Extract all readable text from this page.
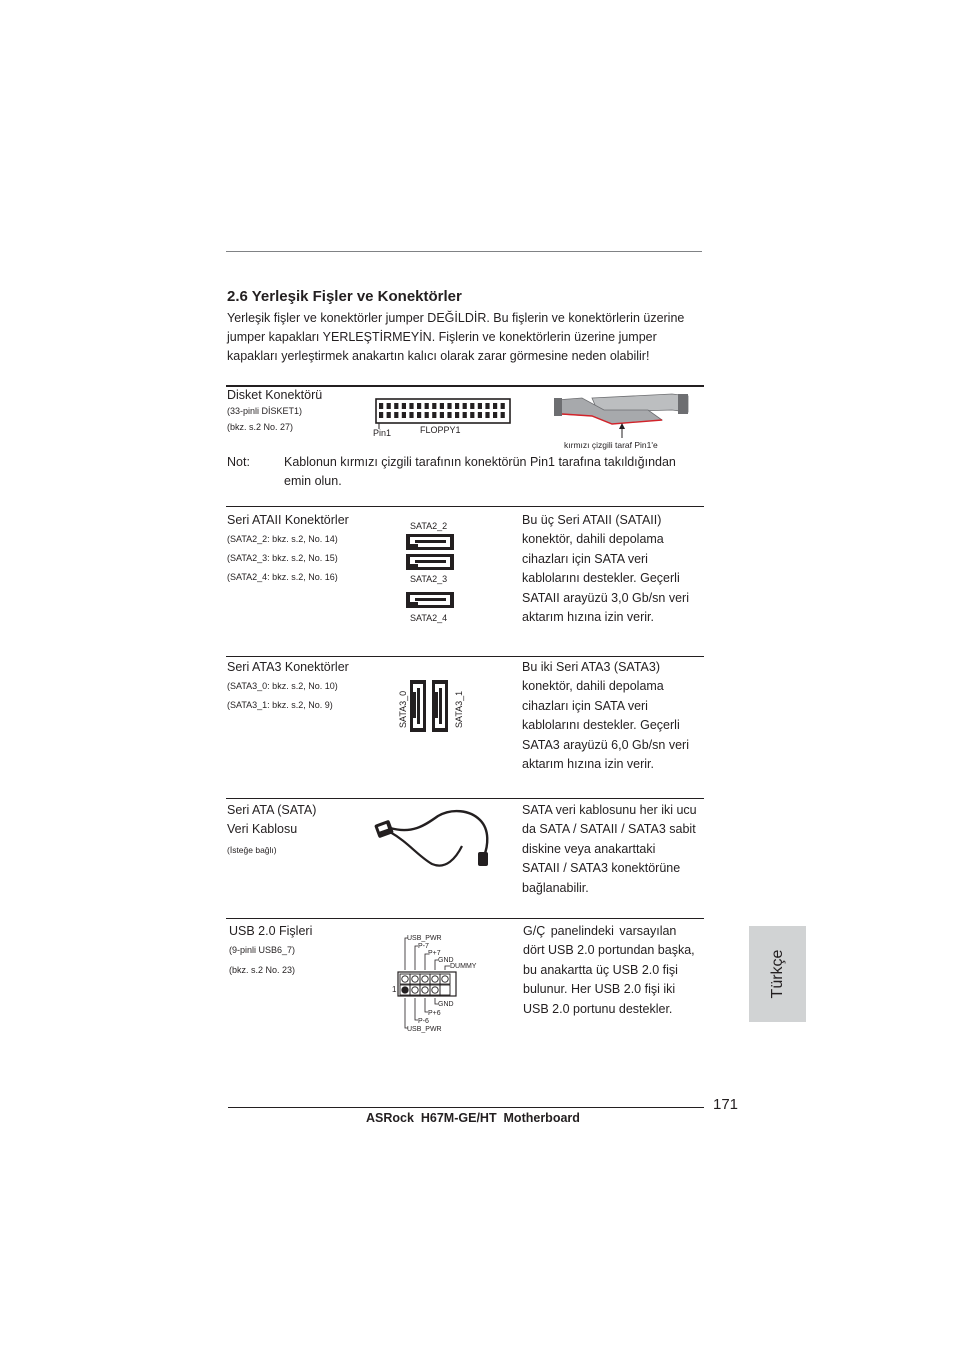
2.6 Yerleşik Fişler ve Konektörler
Yerleşik fişler ve konektörler jumper DEĞİLDİR. Bu fişlerin ve konektörlerin üzerine
jumper kapakları YERLEŞTİRMEYİN. Fişlerin ve konektörlerin üzerine jumper
kapakları yerleştirmek anakartın kalıcı olarak zarar görmesine neden olabilir!
Disket Konektörü
(33-pinli DİSKET1)
(bkz. s.2 No. 27)
Pin1	FLOPPY1
kırmızı çizgili taraf Pin1'e
Not:	Kablonun kırmızı çizgili tarafının konektörün Pin1 tarafına takıldığından
emin olun.
Seri ATAII Konektörler
(SATA2_2: bkz. s.2, No. 14)
(SATA2_3: bkz. s.2, No. 15)
(SATA2_4: bkz. s.2, No. 16)
SATA2_2
SATA2_3
SATA2_4
Bu üç Seri ATAII (SATAII)
konektör, dahili depolama
cihazları için SATA veri
kablolarını destekler. Geçerli
SATAII arayüzü 3,0 Gb/sn veri
aktarım hızına izin verir.
Seri ATA3 Konektörler
(SATA3_0: bkz. s.2, No. 10)
(SATA3_1: bkz. s.2, No. 9)	SATA3_0	SATA3_1
Bu iki Seri ATA3 (SATA3)
konektör, dahili depolama
cihazları için SATA veri
kablolarını destekler. Geçerli
SATA3 arayüzü 6,0 Gb/sn veri
aktarım hızına izin verir.
Seri ATA (SATA)
Veri Kablosu
(İsteğe bağlı)
SATA veri kablosunu her iki ucu
da SATA / SATAII / SATA3 sabit
diskine veya anakarttaki
SATAII / SATA3 konektörüne
bağlanabilir.
USB 2.0 Fişleri
(9-pinli USB6_7)
(bkz. s.2 No. 23)
USB_PWR
P-7
P+7
GND
DUMMY
1
GND
P+6
P-6
USB_PWR
G/Ç panelindeki varsayılan
dört USB 2.0 portundan başka,
bu anakartta üç USB 2.0 fişi
bulunur. Her USB 2.0 fişi iki
USB 2.0 portunu destekler.
Türkçe
171
ASRock  H67M-GE/HT  Motherboard
